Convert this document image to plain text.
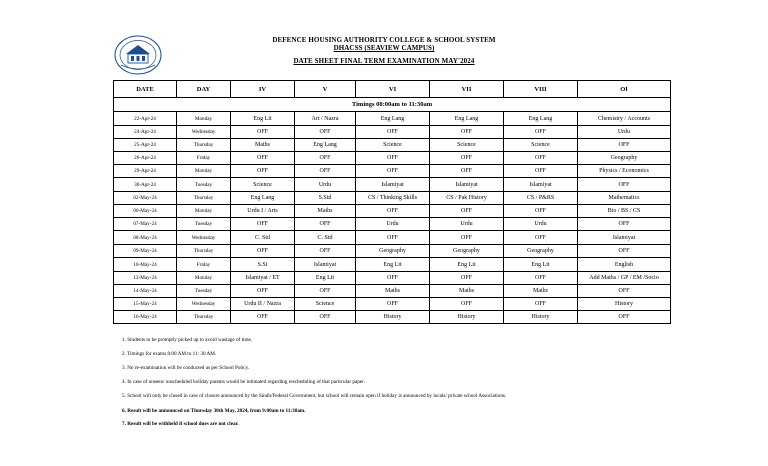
DEFENCE HOUSING AUTHORITY COLLEGE & SCHOOL SYSTEM
DHACSS (SEAVIEW CAMPUS)
DATE SHEET FINAL TERM EXAMINATION MAY'2024
DATE	DAY	IV	V	VI	VII	VIII	OI
Timings 08:00am to 11:30am							
22-Apr-24	Monday	Eng Lit	Art / Nazra	Eng Lang	Eng Lang	Eng Lang	Chemistry / Accounts
24-Apr-24	Wednesday	OFF	OFF	OFF	OFF	OFF	Urdu
25-Apr-24	Thursday	Maths	Eng Lang	Science	Science	Science	OFF
26-Apr-24	Friday	OFF	OFF	OFF	OFF	OFF	Geography
29-Apr-24	Monday	OFF	OFF	OFF	OFF	OFF	Physics / Economics
30-Apr-24	Tuesday	Science	Urdu	Islamiyat	Islamiyat	Islamiyat	OFF
02-May-24	Thursday	Eng Lang	S.Std	CS / Thinking Skills	CS / Pak History	CS / P&RS	Mathematics
06-May-24	Monday	Urdu I / Arts	Maths	OFF	OFF	OFF	Bio / BS / CS
07-May-24	Tuesday	OFF	OFF	Urdu	Urdu	Urdu	OFF
08-May-24	Wednesday	C. Std	C. Std	OFF	OFF	OFF	Islamiyat
09-May-24	Thursday	OFF	OFF	Geography	Geography	Geography	OFF
10-May-24	Friday	S.St	Islamiyat	Eng Lit	Eng Lit	Eng Lit	English
13-May-24	Monday	Islamiyat / ET	Eng Lit	OFF	OFF	OFF	Add Maths / GP / EM /Socio
14-May-24	Tuesday	OFF	OFF	Maths	Maths	Maths	OFF
15-May-24	Wednesday	Urdu II / Nazra	Science	OFF	OFF	OFF	History
16-May-24	Thursday	OFF	OFF	History	History	History	OFF
1. Students to be promptly picked up to avoid wastage of time.
2. Timings for exams 8:00 AM to 11: 30 AM.
3. No re-examination will be conducted as per School Policy.
4. In case of unseen/ unscheduled holiday parents would be intimated regarding rescheduling of that particular paper.
5. School will only be closed in case of closure announced by the Sindh/Federal Government, but school will remain open if holiday is announced by locals/ private school Associations.
6. Result will be announced on Thursday 30th May, 2024, from 9:00am to 11:30am.
7. Result will be withheld if school dues are not clear.
